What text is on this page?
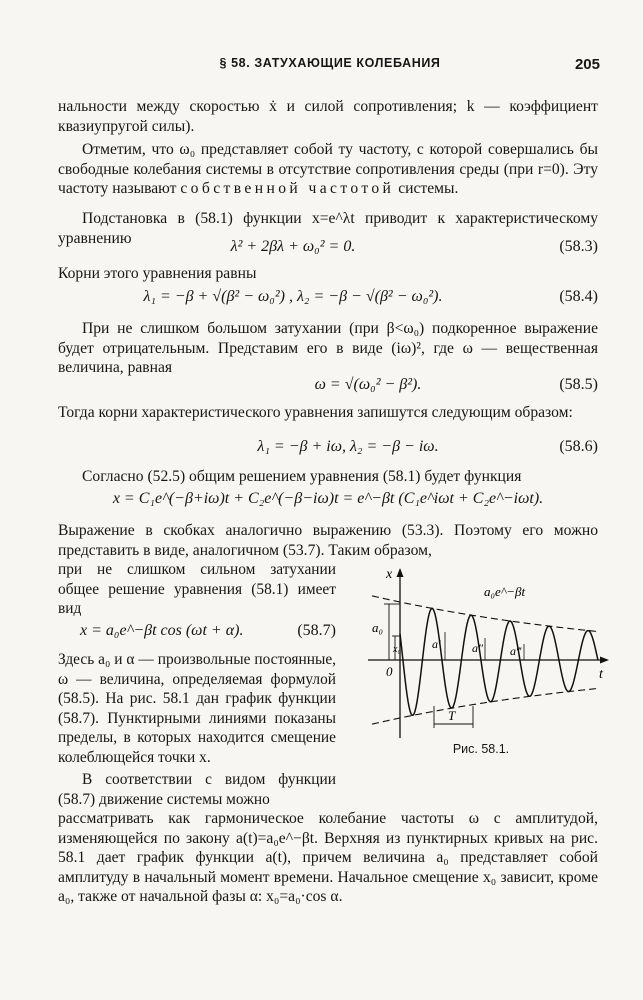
§ 58. ЗАТУХАЮЩИЕ КОЛЕБАНИЯ	205

нальности между скоростью ẋ и силой сопротивления; k — коэффициент квазиупругой силы).

Отметим, что ω₀ представляет собой ту частоту, с которой совершались бы свободные колебания системы в отсутствие сопротивления среды (при r=0). Эту частоту называют собственной частотой системы.

Подстановка в (58.1) функции x=e^λt приводит к характеристическому уравнению	λ² + 2βλ + ω₀² = 0.	(58.3)

Корни этого уравнения равны

λ₁ = −β + √(β² − ω₀²) , λ₂ = −β − √(β² − ω₀²).	(58.4)

При не слишком большом затухании (при β<ω₀) подкоренное выражение будет отрицательным. Представим его в виде (iω)², где ω — вещественная величина, равная

ω = √(ω₀² − β²).	(58.5)

Тогда корни характеристического уравнения запишутся следующим образом:

λ₁ = −β + iω, λ₂ = −β − iω.	(58.6)

Согласно (52.5) общим решением уравнения (58.1) будет функция

x = C₁e^(−β+iω)t + C₂e^(−β−iω)t = e^−βt (C₁e^iωt + C₂e^−iωt).

Выражение в скобках аналогично выражению (53.3). Поэтому его можно представить в виде, аналогичном (53.7). Таким образом,

при не слишком сильном затухании общее решение уравнения (58.1) имеет вид

x = a₀e^−βt cos (ωt + α).	(58.7)

Здесь a₀ и α — произвольные постоянные, ω — величина, определяемая формулой (58.5). На рис. 58.1 дан график функции (58.7). Пунктирными линиями показаны пределы, в которых находится смещение колеблющейся точки x.

В соответствии с видом функции (58.7) движение системы можно

рассматривать как гармоническое колебание частоты ω с амплитудой, изменяющейся по закону a(t)=a₀e^−βt. Верхняя из пунктирных кривых на рис. 58.1 дает график функции a(t), причем величина a₀ представляет собой амплитуду в начальный момент времени. Начальное смещение x₀ зависит, кроме a₀, также от начальной фазы α: x₀=a₀·cos α.

x
t
0
a₀
x₀
T
a₀e^−βt
a′	a″ a‴
Рис. 58.1.
